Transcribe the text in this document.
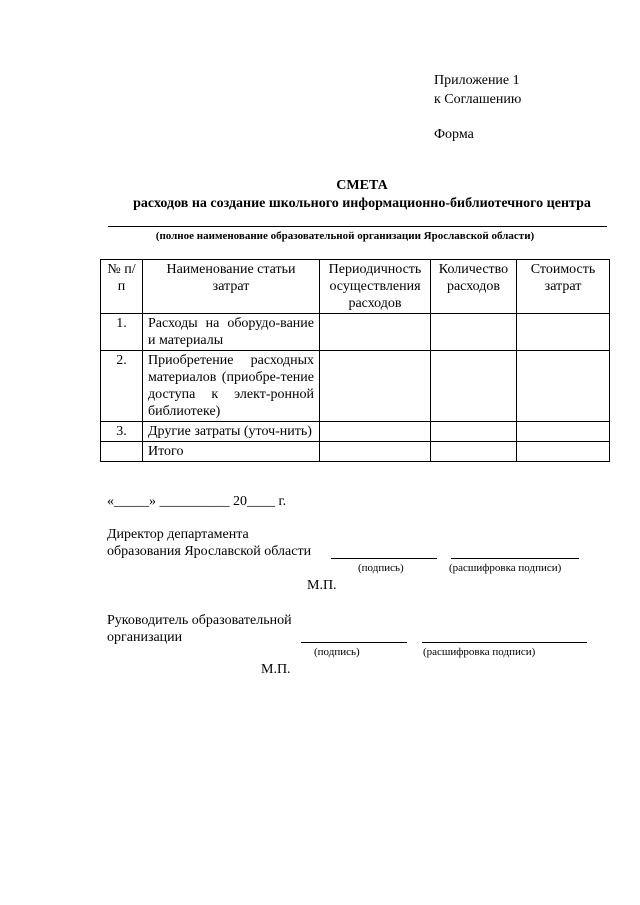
Приложение 1
к Соглашению
Форма
СМЕТА
расходов на создание школьного информационно-библиотечного центра
(полное наименование образовательной организации Ярославской области)
№ п/п	Наименование статьи затрат	Периодичность осуществления расходов	Количество расходов	Стоимость затрат
1.	Расходы на оборудо-вание и материалы			
2.	Приобретение расходных материалов (приобре-тение доступа к элект-ронной библиотеке)			
3.	Другие затраты (уточ-нить)			
	Итого			
«_____» __________ 20____ г.
Директор департамента
образования Ярославской области
(подпись)	(расшифровка подписи)
М.П.
Руководитель образовательной
организации
(подпись)	(расшифровка подписи)
М.П.
